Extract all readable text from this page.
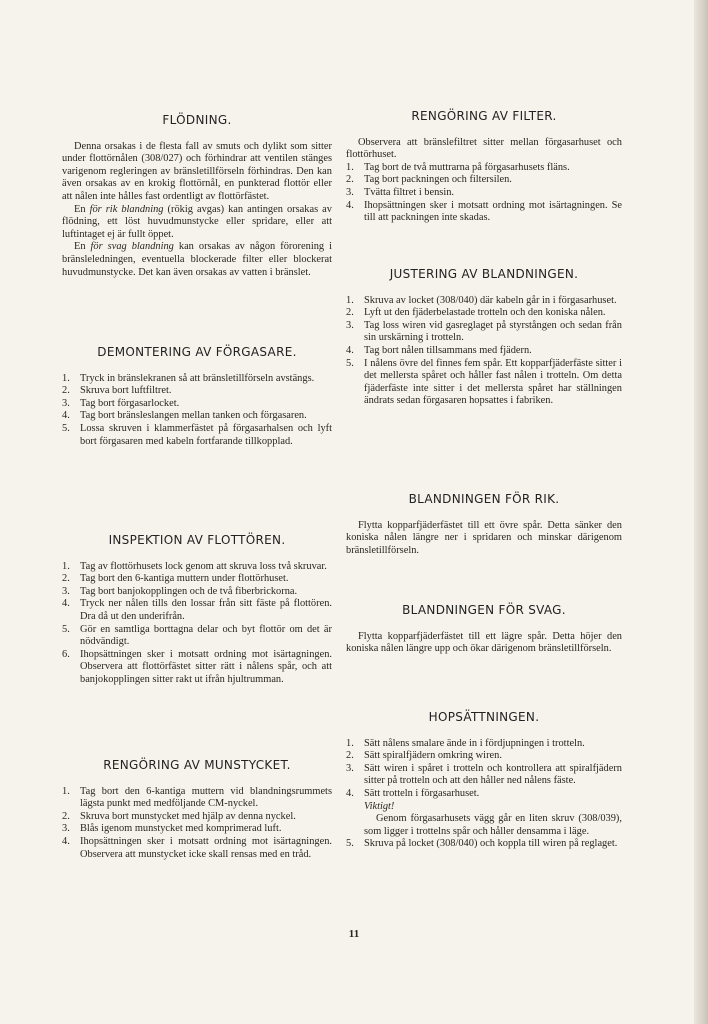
FLÖDNING.

Denna orsakas i de flesta fall av smuts och dylikt som sitter under flottörnålen (308/027) och förhindrar att ventilen stänges varigenom regleringen av bränsletillförseln förhindras. Den kan även orsakas av en krokig flottörnål, en punkterad flottör eller att nålen inte hålles fast ordentligt av flottörfästet.

En för rik blandning (rökig avgas) kan antingen orsakas av flödning, ett löst huvudmunstycke eller spridare, eller att luftintaget ej är fullt öppet.

En för svag blandning kan orsakas av någon förorening i bränsleledningen, eventuella blockerade filter eller blockerat huvudmunstycke. Det kan även orsakas av vatten i bränslet.

DEMONTERING AV FÖRGASARE.
1. Tryck in bränslekranen så att bränsletillförseln avstängs.
2. Skruva bort luftfiltret.
3. Tag bort förgasarlocket.
4. Tag bort bränsleslangen mellan tanken och förgasaren.
5. Lossa skruven i klammerfästet på förgasarhalsen och lyft bort förgasaren med kabeln fortfarande tillkopplad.
INSPEKTION AV FLOTTÖREN.
1. Tag av flottörhusets lock genom att skruva loss två skruvar.
2. Tag bort den 6-kantiga muttern under flottörhuset.
3. Tag bort banjokopplingen och de två fiberbrickorna.
4. Tryck ner nålen tills den lossar från sitt fäste på flottören. Dra då ut den underifrån.
5. Gör en samtliga borttagna delar och byt flottör om det är nödvändigt.
6. Ihopsättningen sker i motsatt ordning mot isärtagningen. Observera att flottörfästet sitter rätt i nålens spår, och att banjokopplingen sitter rakt ut ifrån hjultrumman.
RENGÖRING AV MUNSTYCKET.
1. Tag bort den 6-kantiga muttern vid blandningsrummets lägsta punkt med medföljande CM-nyckel.
2. Skruva bort munstycket med hjälp av denna nyckel.
3. Blås igenom munstycket med komprimerad luft.
4. Ihopsättningen sker i motsatt ordning mot isärtagningen. Observera att munstycket icke skall rensas med en tråd.
RENGÖRING AV FILTER.

Observera att bränslefiltret sitter mellan förgasarhuset och flottörhuset.

1. Tag bort de två muttrarna på förgasarhusets fläns.
2. Tag bort packningen och filtersilen.
3. Tvätta filtret i bensin.
4. Ihopsättningen sker i motsatt ordning mot isärtagningen. Se till att packningen inte skadas.
JUSTERING AV BLANDNINGEN.
1. Skruva av locket (308/040) där kabeln går in i förgasarhuset.
2. Lyft ut den fjäderbelastade trotteln och den koniska nålen.
3. Tag loss wiren vid gasreglaget på styrstången och sedan från sin urskärning i trotteln.
4. Tag bort nålen tillsammans med fjädern.
5. I nålens övre del finnes fem spår. Ett kopparfjäderfäste sitter i det mellersta spåret och håller fast nålen i trotteln. Om detta fjäderfäste inte sitter i det mellersta spåret har ställningen ändrats sedan förgasaren hopsattes i fabriken.
BLANDNINGEN FÖR RIK.

Flytta kopparfjäderfästet till ett övre spår. Detta sänker den koniska nålen längre ner i spridaren och minskar därigenom bränsletillförseln.

BLANDNINGEN FÖR SVAG.

Flytta kopparfjäderfästet till ett lägre spår. Detta höjer den koniska nålen längre upp och ökar därigenom bränsletillförseln.

HOPSÄTTNINGEN.
1. Sätt nålens smalare ände in i fördjupningen i trotteln.
2. Sätt spiralfjädern omkring wiren.
3. Sätt wiren i spåret i trotteln och kontrollera att spiralfjädern sitter på trotteln och att den håller ned nålens fäste.
4. Sätt trotteln i förgasarhuset.
Viktigt!

Genom förgasarhusets vägg går en liten skruv (308/039), som ligger i trottelns spår och håller densamma i läge.

5. Skruva på locket (308/040) och koppla till wiren på reglaget.
11
